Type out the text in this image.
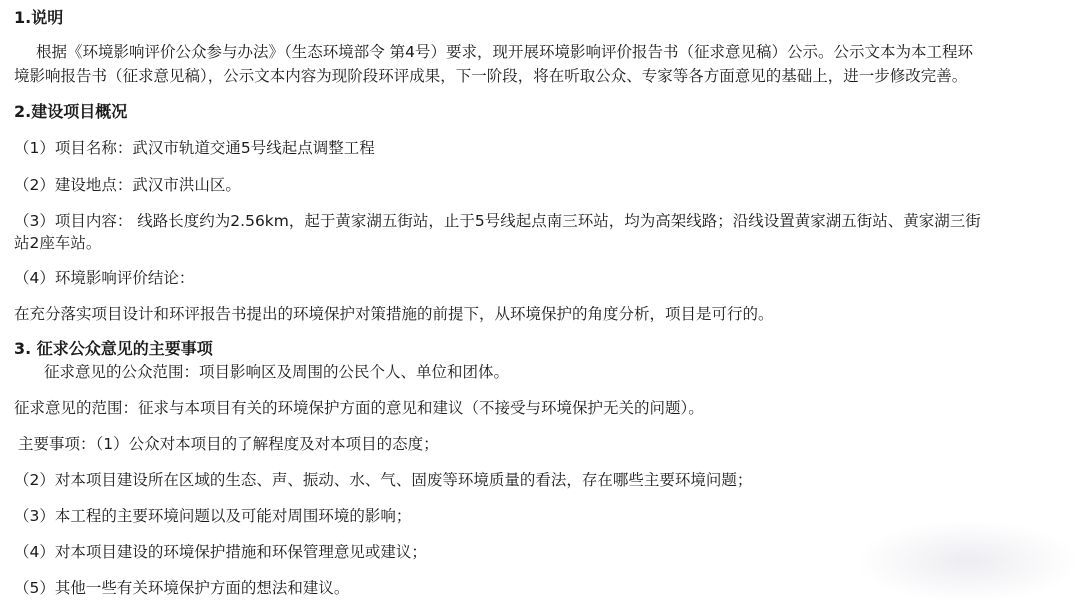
1.说明
根据《环境影响评价公众参与办法》（生态环境部令 第4号）要求，现开展环境影响评价报告书（征求意见稿）公示。公示文本为本工程环
境影响报告书（征求意见稿），公示文本内容为现阶段环评成果，下一阶段，将在听取公众、专家等各方面意见的基础上，进一步修改完善。
2.建设项目概况
（1）项目名称：武汉市轨道交通5号线起点调整工程
（2）建设地点：武汉市洪山区。
（3）项目内容： 线路长度约为2.56km，起于黄家湖五街站，止于5号线起点南三环站，均为高架线路；沿线设置黄家湖五街站、黄家湖三街
站2座车站。
（4）环境影响评价结论：
在充分落实项目设计和环评报告书提出的环境保护对策措施的前提下，从环境保护的角度分析，项目是可行的。
3. 征求公众意见的主要事项
征求意见的公众范围：项目影响区及周围的公民个人、单位和团体。
征求意见的范围：征求与本项目有关的环境保护方面的意见和建议（不接受与环境保护无关的问题）。
主要事项：（1）公众对本项目的了解程度及对本项目的态度；
（2）对本项目建设所在区域的生态、声、振动、水、气、固废等环境质量的看法，存在哪些主要环境问题；
（3）本工程的主要环境问题以及可能对周围环境的影响；
（4）对本项目建设的环境保护措施和环保管理意见或建议；
（5）其他一些有关环境保护方面的想法和建议。
